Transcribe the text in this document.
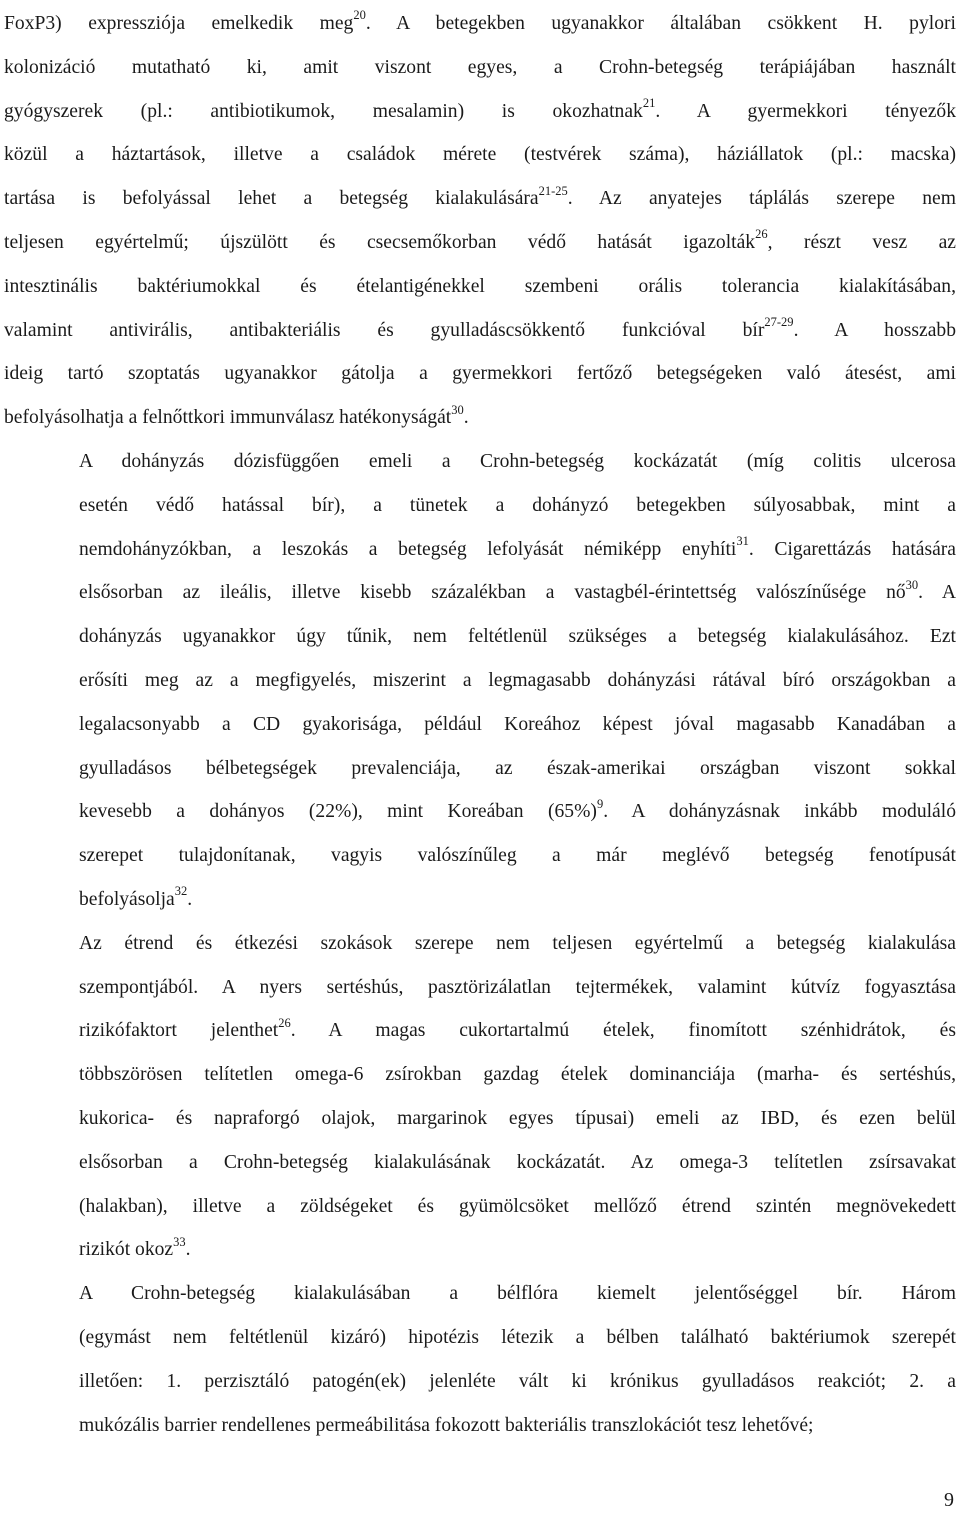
FoxP3) expressziója emelkedik meg$^{20}$. A betegekben ugyanakkor általában csökkent H. pylori
kolonizáció mutatható ki, amit viszont egyes, a Crohn-betegség terápiájában használt
gyógyszerek (pl.: antibiotikumok, mesalamin) is okozhatnak$^{21}$. A gyermekkori tényezők
közül a háztartások, illetve a családok mérete (testvérek száma), háziállatok (pl.: macska)
tartása is befolyással lehet a betegség kialakulására$^{21-25}$. Az anyatejes táplálás szerepe nem
teljesen egyértelmű; újszülött és csecsemőkorban védő hatását igazolták$^{26}$, részt vesz az
intesztinális baktériumokkal és ételantigénekkel szembeni orális tolerancia kialakításában,
valamint antivirális, antibakteriális és gyulladáscsökkentő funkcióval bír$^{27-29}$. A hosszabb
ideig tartó szoptatás ugyanakkor gátolja a gyermekkori fertőző betegségeken való átesést, ami
befolyásolhatja a felnőttkori immunválasz hatékonyságát$^{30}$.
A dohányzás dózisfüggően emeli a Crohn-betegség kockázatát (míg colitis ulcerosa
esetén védő hatással bír), a tünetek a dohányzó betegekben súlyosabbak, mint a
nemdohányzókban, a leszokás a betegség lefolyását némiképp enyhíti$^{31}$. Cigarettázás hatására
elsősorban az ileális, illetve kisebb százalékban a vastagbél-érintettség valószínűsége $nő^{30}$. A
dohányzás ugyanakkor úgy tűnik, nem feltétlenül szükséges a betegség kialakulásához. Ezt
erősíti meg az a megfigyelés, miszerint a legmagasabb dohányzási rátával bíró országokban a
legalacsonyabb a CD gyakorisága, például Koreához képest jóval magasabb Kanadában a
gyulladásos bélbetegségek prevalenciája, az észak-amerikai országban viszont sokkal
kevesebb a dohányos (22%), mint Koreában $(65\%)^9$. A dohányzásnak inkább moduláló
szerepet tulajdonítanak, vagyis valószínűleg a már meglévő betegség fenotípusát
befolyásolja$^{32}$.
Az étrend és étkezési szokások szerepe nem teljesen egyértelmű a betegség kialakulása
szempontjából. A nyers sertéshús, pasztörizálatlan tejtermékek, valamint kútvíz fogyasztása
rizikófaktort jelenthet$^{26}$. A magas cukortartalmú ételek, finomított szénhidrátok, és
többszörösen telítetlen omega-6 zsírokban gazdag ételek dominanciája (marha- és sertéshús,
kukorica- és napraforgó olajok, margarinok egyes típusai) emeli az IBD, és ezen belül
elsősorban a Crohn-betegség kialakulásának kockázatát. Az omega-3 telítetlen zsírsavakat
(halakban), illetve a zöldségeket és gyümölcsöket mellőző étrend szintén megnövekedett
rizikót okoz$^{33}$.
A Crohn-betegség kialakulásában a bélflóra kiemelt jelentőséggel bír. Három
(egymást nem feltétlenül kizáró) hipotézis létezik a bélben található baktériumok szerepét
illetően: 1. perzisztáló patogén(ek) jelenléte vált ki krónikus gyulladásos reakciót; 2. a
mukózális barrier rendellenes permeábilitása fokozott bakteriális transzlokációt tesz lehetővé;
9
